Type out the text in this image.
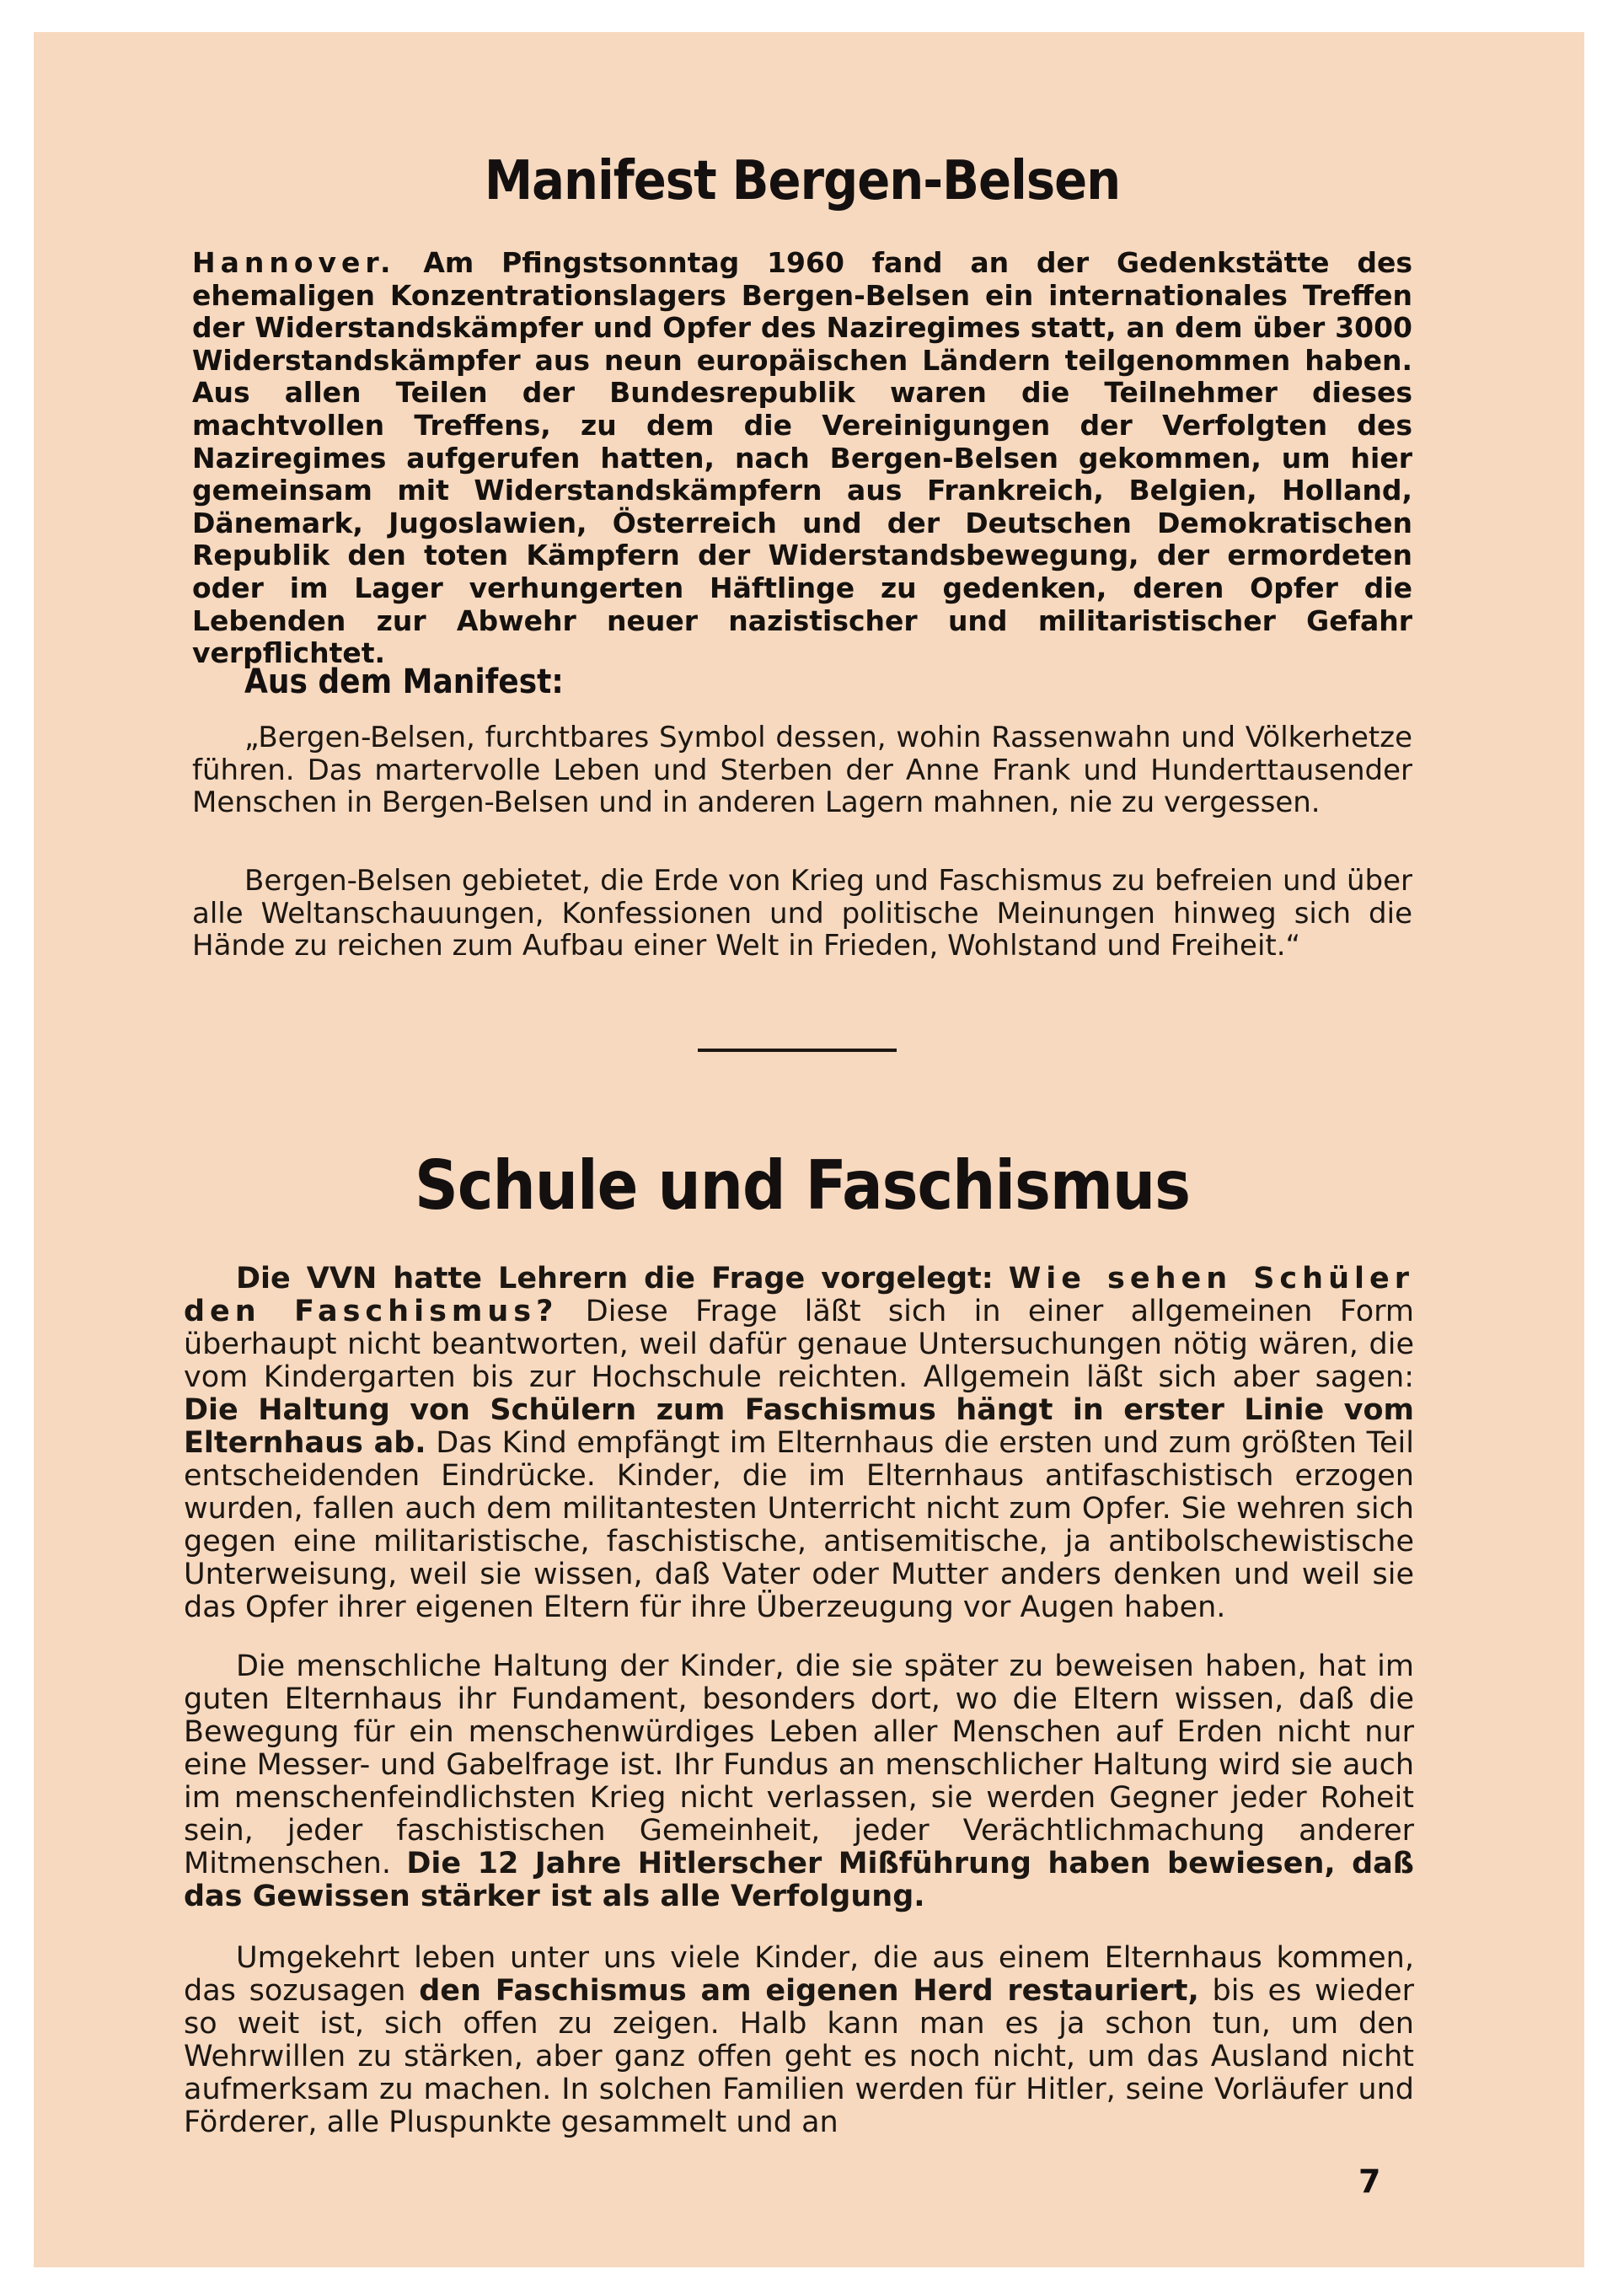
Manifest Bergen-Belsen

Hannover. Am Pfingstsonntag 1960 fand an der Gedenkstätte des ehemaligen Konzentrationslagers Bergen-Belsen ein internationales Treffen der Widerstandskämpfer und Opfer des Naziregimes statt, an dem über 3000 Widerstandskämpfer aus neun europäischen Ländern teilgenommen haben. Aus allen Teilen der Bundesrepublik waren die Teilnehmer dieses machtvollen Treffens, zu dem die Vereinigungen der Verfolgten des Naziregimes aufgerufen hatten, nach Bergen-Belsen gekommen, um hier gemeinsam mit Widerstandskämpfern aus Frankreich, Belgien, Holland, Dänemark, Jugoslawien, Österreich und der Deutschen Demokratischen Republik den toten Kämpfern der Widerstandsbewegung, der ermordeten oder im Lager verhungerten Häftlinge zu gedenken, deren Opfer die Lebenden zur Abwehr neuer nazistischer und militaristischer Gefahr verpflichtet.

Aus dem Manifest:

„Bergen-Belsen, furchtbares Symbol dessen, wohin Rassenwahn und Völkerhetze führen. Das martervolle Leben und Sterben der Anne Frank und Hunderttausender Menschen in Bergen-Belsen und in anderen Lagern mahnen, nie zu vergessen.

Bergen-Belsen gebietet, die Erde von Krieg und Faschismus zu befreien und über alle Weltanschauungen, Konfessionen und politische Meinungen hinweg sich die Hände zu reichen zum Aufbau einer Welt in Frieden, Wohlstand und Freiheit.“

Schule und Faschismus

Die VVN hatte Lehrern die Frage vorgelegt: Wie sehen Schüler den Faschismus? Diese Frage läßt sich in einer allgemeinen Form überhaupt nicht beantworten, weil dafür genaue Untersuchungen nötig wären, die vom Kindergarten bis zur Hochschule reichten. Allgemein läßt sich aber sagen: Die Haltung von Schülern zum Faschismus hängt in erster Linie vom Elternhaus ab. Das Kind empfängt im Elternhaus die ersten und zum größten Teil entscheidenden Eindrücke. Kinder, die im Elternhaus antifaschistisch erzogen wurden, fallen auch dem militantesten Unterricht nicht zum Opfer. Sie wehren sich gegen eine militaristische, faschistische, antisemitische, ja antibolschewistische Unterweisung, weil sie wissen, daß Vater oder Mutter anders denken und weil sie das Opfer ihrer eigenen Eltern für ihre Überzeugung vor Augen haben.

Die menschliche Haltung der Kinder, die sie später zu beweisen haben, hat im guten Elternhaus ihr Fundament, besonders dort, wo die Eltern wissen, daß die Bewegung für ein menschenwürdiges Leben aller Menschen auf Erden nicht nur eine Messer- und Gabelfrage ist. Ihr Fundus an menschlicher Haltung wird sie auch im menschenfeindlichsten Krieg nicht verlassen, sie werden Gegner jeder Roheit sein, jeder faschistischen Gemeinheit, jeder Verächtlichmachung anderer Mitmenschen. Die 12 Jahre Hitlerscher Mißführung haben bewiesen, daß das Gewissen stärker ist als alle Verfolgung.

Umgekehrt leben unter uns viele Kinder, die aus einem Elternhaus kommen, das sozusagen den Faschismus am eigenen Herd restauriert, bis es wieder so weit ist, sich offen zu zeigen. Halb kann man es ja schon tun, um den Wehrwillen zu stärken, aber ganz offen geht es noch nicht, um das Ausland nicht aufmerksam zu machen. In solchen Familien werden für Hitler, seine Vorläufer und Förderer, alle Pluspunkte gesammelt und an

7
